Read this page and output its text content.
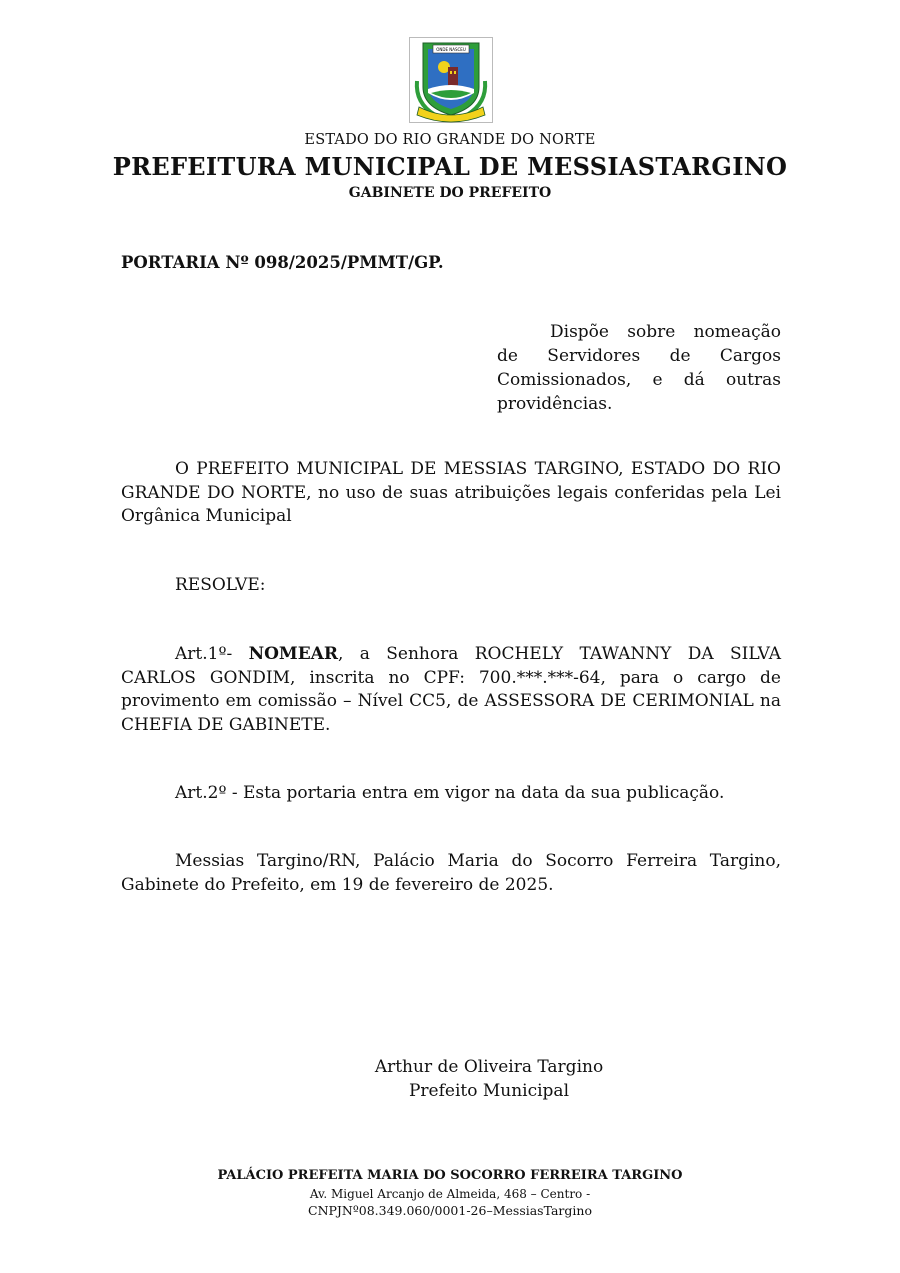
ONDE NASCEU
ESTADO DO RIO GRANDE DO NORTE
PREFEITURA MUNICIPAL DE MESSIASTARGINO
GABINETE DO PREFEITO
PORTARIA Nº 098/2025/PMMT/GP.
Dispõe sobre nomeação de Servidores de Cargos Comissionados, e dá outras providências.
O PREFEITO MUNICIPAL DE MESSIAS TARGINO, ESTADO DO RIO GRANDE DO NORTE, no uso de suas atribuições legais conferidas pela Lei Orgânica Municipal
RESOLVE:
Art.1º- NOMEAR, a Senhora ROCHELY TAWANNY DA SILVA CARLOS GONDIM, inscrita no CPF: 700.***.***-64, para o cargo de provimento em comissão – Nível CC5, de ASSESSORA DE CERIMONIAL na CHEFIA DE GABINETE.
Art.2º - Esta portaria entra em vigor na data da sua publicação.
Messias Targino/RN, Palácio Maria do Socorro Ferreira Targino, Gabinete do Prefeito, em 19 de fevereiro de 2025.
Arthur de Oliveira Targino
Prefeito Municipal
PALÁCIO PREFEITA MARIA DO SOCORRO FERREIRA TARGINO
Av. Miguel Arcanjo de Almeida, 468 – Centro -
CNPJNº08.349.060/0001-26–MessiasTargino
